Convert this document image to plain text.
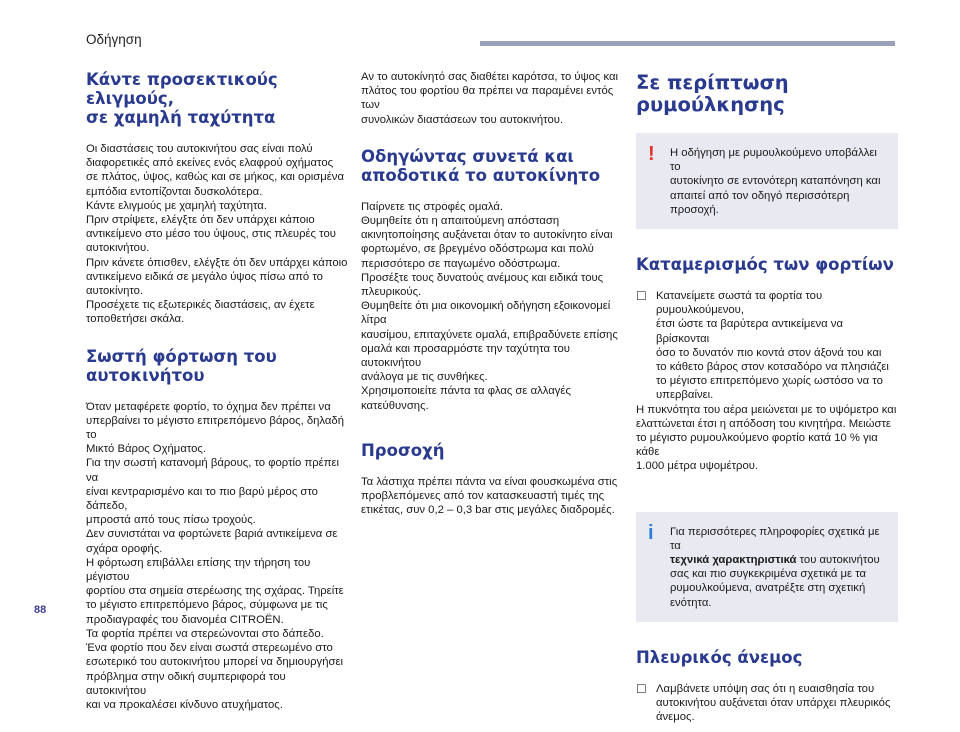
Οδήγηση
Κάντε προσεκτικούς ελιγμούς,
σε χαμηλή ταχύτητα

Οι διαστάσεις του αυτοκινήτου σας είναι πολύ
διαφορετικές από εκείνες ενός ελαφρού οχήματος
σε πλάτος, ύψος, καθώς και σε μήκος, και ορισμένα
εμπόδια εντοπίζονται δυσκολότερα.
Κάντε ελιγμούς με χαμηλή ταχύτητα.
Πριν στρίψετε, ελέγξτε ότι δεν υπάρχει κάποιο
αντικείμενο στο μέσο του ύψους, στις πλευρές του
αυτοκινήτου.
Πριν κάνετε όπισθεν, ελέγξτε ότι δεν υπάρχει κάποιο
αντικείμενο ειδικά σε μεγάλο ύψος πίσω από το
αυτοκίνητο.
Προσέχετε τις εξωτερικές διαστάσεις, αν έχετε
τοποθετήσει σκάλα.

Σωστή φόρτωση του
αυτοκινήτου

Όταν μεταφέρετε φορτίο, το όχημα δεν πρέπει να
υπερβαίνει το μέγιστο επιτρεπόμενο βάρος, δηλαδή το
Μικτό Βάρος Οχήματος.
Για την σωστή κατανομή βάρους, το φορτίο πρέπει να
είναι κεντραρισμένο και το πιο βαρύ μέρος στο δάπεδο,
μπροστά από τους πίσω τροχούς.
Δεν συνιστάται να φορτώνετε βαριά αντικείμενα σε
σχάρα οροφής.
Η φόρτωση επιβάλλει επίσης την τήρηση του μέγιστου
φορτίου στα σημεία στερέωσης της σχάρας. Τηρείτε
το μέγιστο επιτρεπόμενο βάρος, σύμφωνα με τις
προδιαγραφές του διανομέα CITROËN.
Τα φορτία πρέπει να στερεώνονται στο δάπεδο.
Ένα φορτίο που δεν είναι σωστά στερεωμένο στο
εσωτερικό του αυτοκινήτου μπορεί να δημιουργήσει
πρόβλημα στην οδική συμπεριφορά του αυτοκινήτου
και να προκαλέσει κίνδυνο ατυχήματος.

Αν το αυτοκίνητό σας διαθέτει καρότσα, το ύψος και
πλάτος του φορτίου θα πρέπει να παραμένει εντός των
συνολικών διαστάσεων του αυτοκινήτου.

Οδηγώντας συνετά και
αποδοτικά το αυτοκίνητο

Παίρνετε τις στροφές ομαλά.
Θυμηθείτε ότι η απαιτούμενη απόσταση
ακινητοποίησης αυξάνεται όταν το αυτοκίνητο είναι
φορτωμένο, σε βρεγμένο οδόστρωμα και πολύ
περισσότερο σε παγωμένο οδόστρωμα.
Προσέξτε τους δυνατούς ανέμους και ειδικά τους
πλευρικούς.
Θυμηθείτε ότι μια οικονομική οδήγηση εξοικονομεί λίτρα
καυσίμου, επιταχύνετε ομαλά, επιβραδύνετε επίσης
ομαλά και προσαρμόστε την ταχύτητα του αυτοκινήτου
ανάλογα με τις συνθήκες.
Χρησιμοποιείτε πάντα τα φλας σε αλλαγές
κατεύθυνσης.

Προσοχή

Τα λάστιχα πρέπει πάντα να είναι φουσκωμένα στις
προβλεπόμενες από τον κατασκευαστή τιμές της
ετικέτας, συν 0,2 – 0,3 bar στις μεγάλες διαδρομές.

Σε περίπτωση ρυμούλκησης
! Η οδήγηση με ρυμουλκούμενο υποβάλλει το
αυτοκίνητο σε εντονότερη καταπόνηση και
απαιτεί από τον οδηγό περισσότερη προσοχή.

Καταμερισμός των φορτίων
☐ Κατανείμετε σωστά τα φορτία του ρυμουλκούμενου,
έτσι ώστε τα βαρύτερα αντικείμενα να βρίσκονται
όσο το δυνατόν πιο κοντά στον άξονά του και
το κάθετο βάρος στον κοτσαδόρο να πλησιάζει
το μέγιστο επιτρεπόμενο χωρίς ωστόσο να το
υπερβαίνει.

Η πυκνότητα του αέρα μειώνεται με το υψόμετρο και
ελαττώνεται έτσι η απόδοση του κινητήρα. Μειώστε
το μέγιστο ρυμουλκούμενο φορτίο κατά 10 % για κάθε
1.000 μέτρα υψομέτρου.

i Για περισσότερες πληροφορίες σχετικά με τα
τεχνικά χαρακτηριστικά του αυτοκινήτου
σας και πιο συγκεκριμένα σχετικά με τα
ρυμουλκούμενα, ανατρέξτε στη σχετική ενότητα.

Πλευρικός άνεμος
☐ Λαμβάνετε υπόψη σας ότι η ευαισθησία του
αυτοκινήτου αυξάνεται όταν υπάρχει πλευρικός
άνεμος.
88
